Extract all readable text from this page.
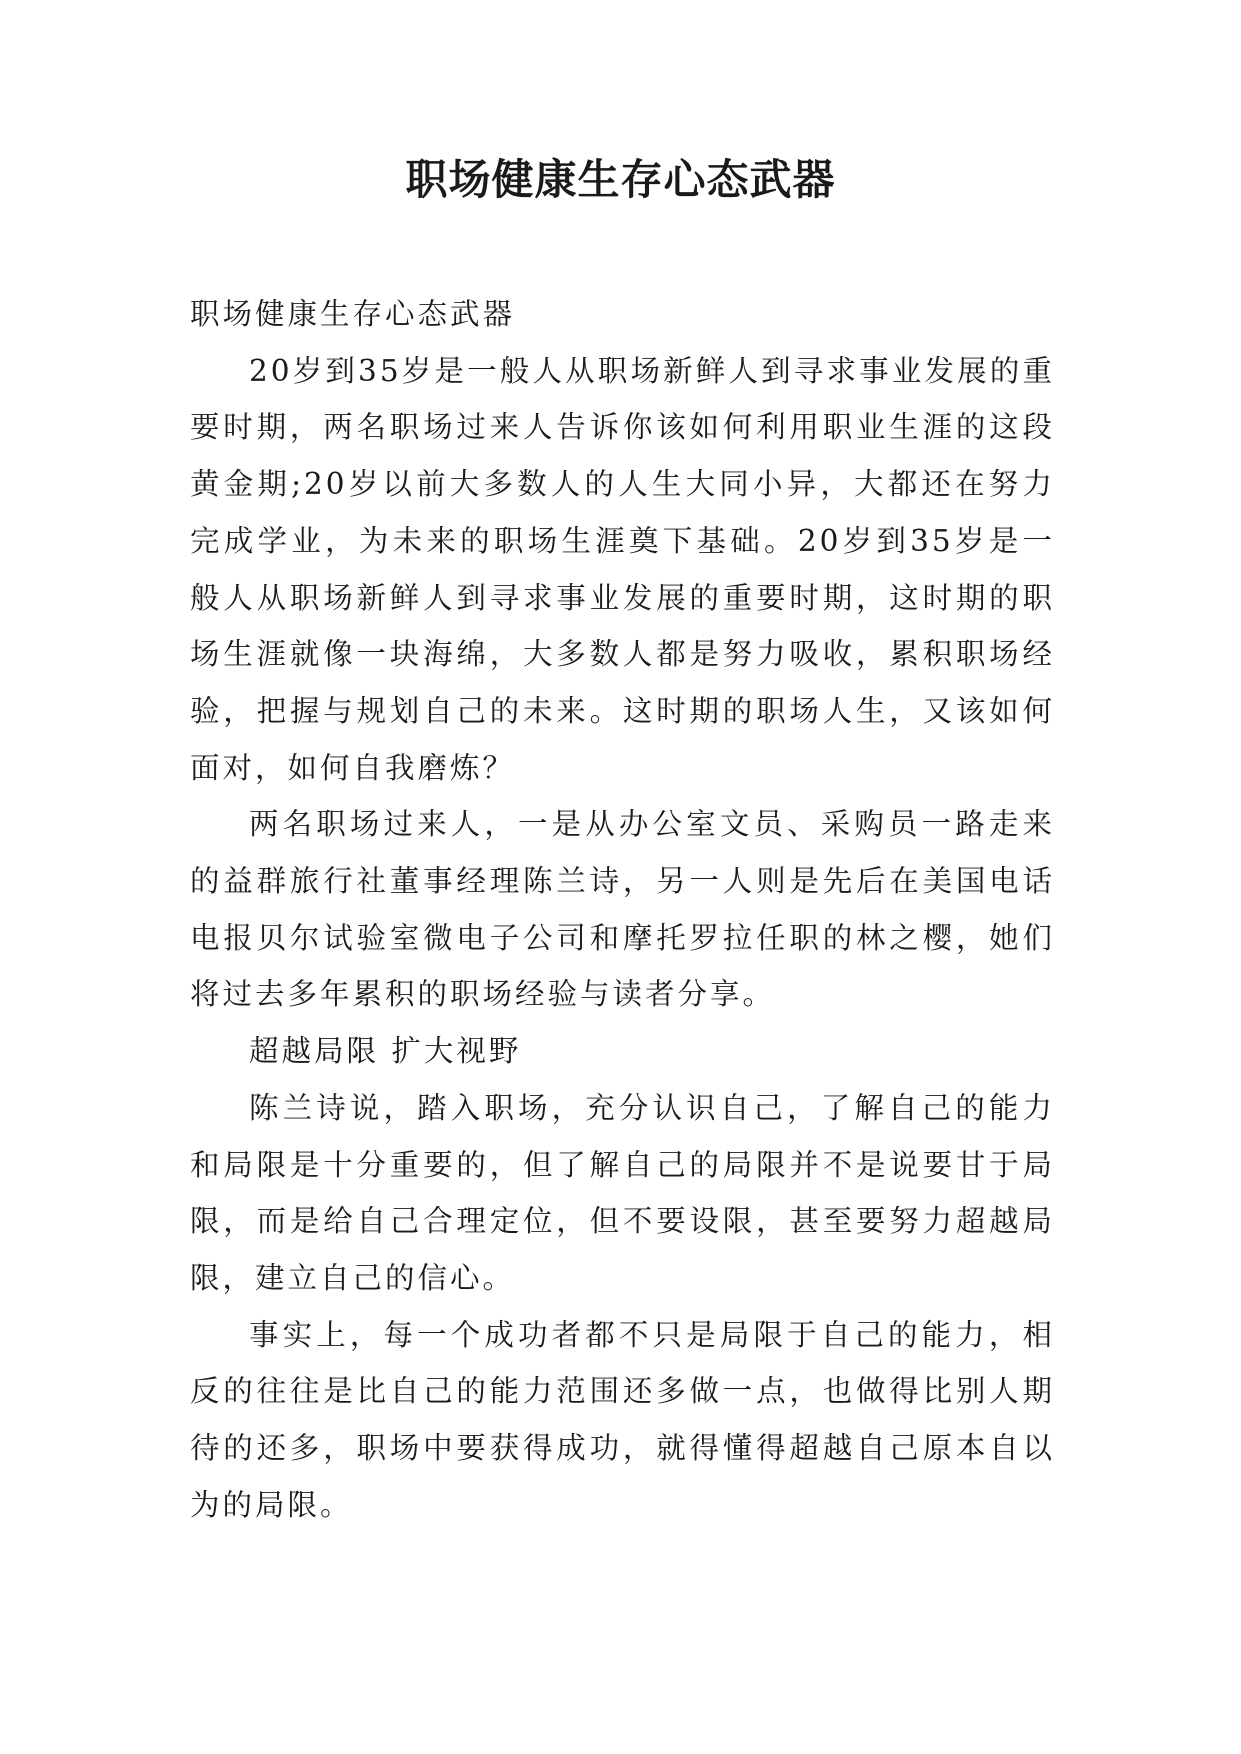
职场健康生存心态武器

职场健康生存心态武器

20岁到35岁是一般人从职场新鲜人到寻求事业发展的重要时期，两名职场过来人告诉你该如何利用职业生涯的这段黄金期;20岁以前大多数人的人生大同小异，大都还在努力完成学业，为未来的职场生涯奠下基础。20岁到35岁是一般人从职场新鲜人到寻求事业发展的重要时期，这时期的职场生涯就像一块海绵，大多数人都是努力吸收，累积职场经验，把握与规划自己的未来。这时期的职场人生，又该如何面对，如何自我磨炼？

两名职场过来人，一是从办公室文员、采购员一路走来的益群旅行社董事经理陈兰诗，另一人则是先后在美国电话电报贝尔试验室微电子公司和摩托罗拉任职的林之樱，她们将过去多年累积的职场经验与读者分享。

超越局限 扩大视野

陈兰诗说，踏入职场，充分认识自己，了解自己的能力和局限是十分重要的，但了解自己的局限并不是说要甘于局限，而是给自己合理定位，但不要设限，甚至要努力超越局限，建立自己的信心。

事实上，每一个成功者都不只是局限于自己的能力，相反的往往是比自己的能力范围还多做一点，也做得比别人期待的还多，职场中要获得成功，就得懂得超越自己原本自以为的局限。
